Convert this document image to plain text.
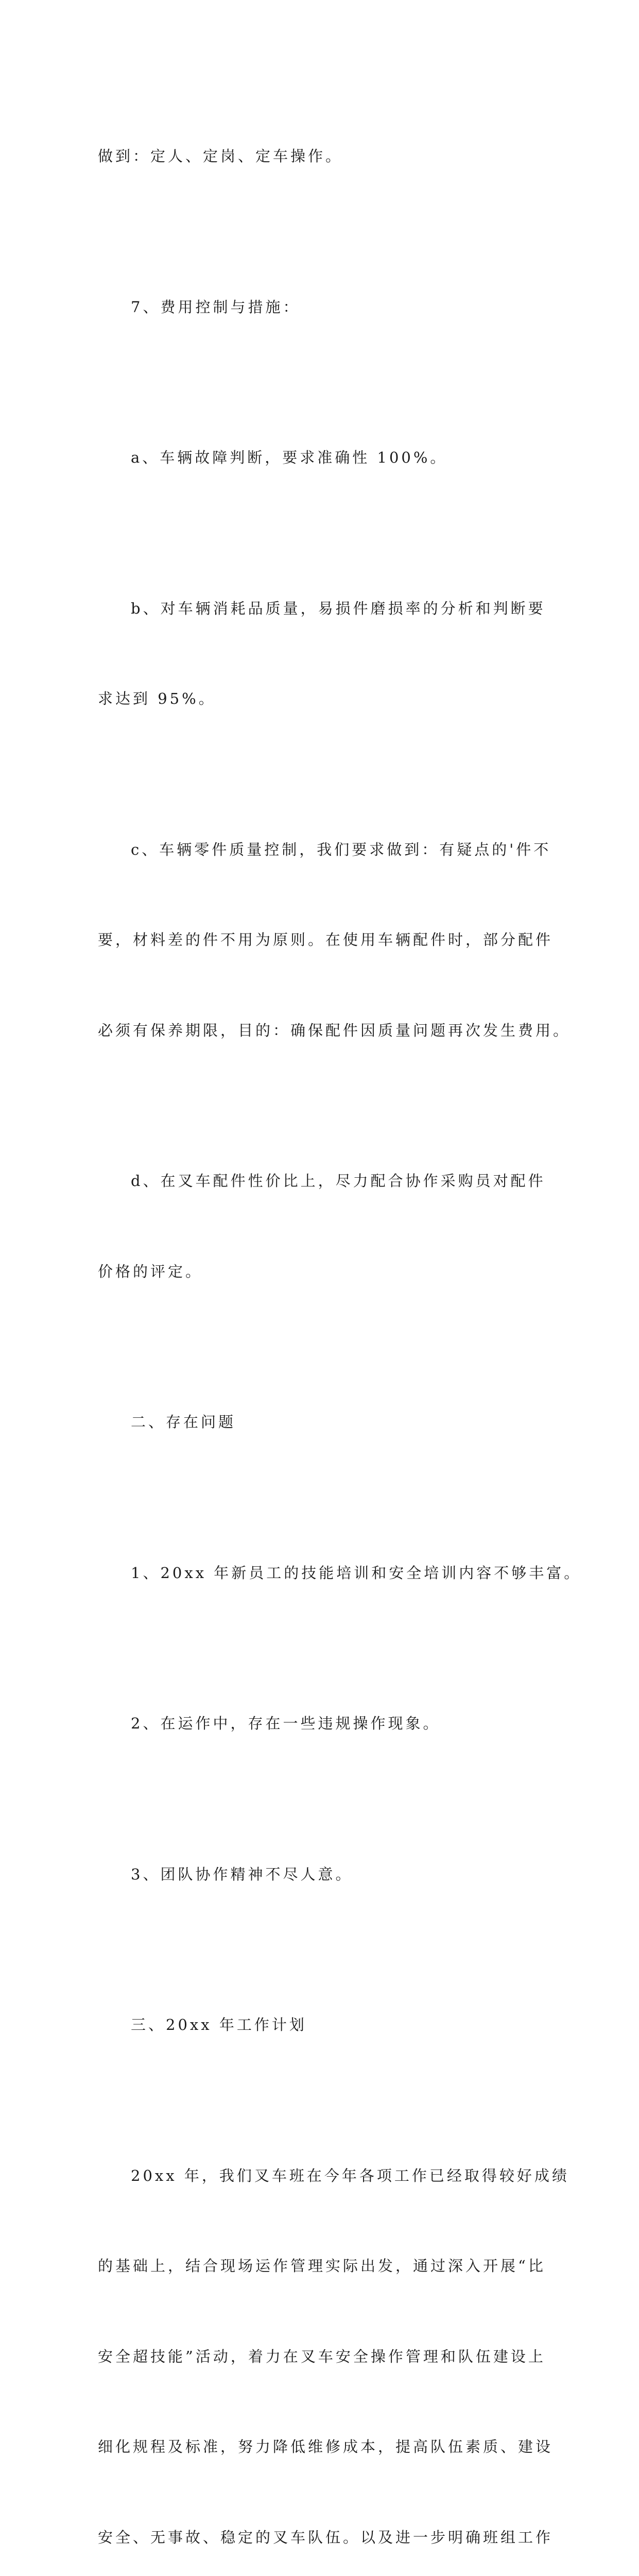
做到：定人、定岗、定车操作。

7、费用控制与措施：

a、车辆故障判断，要求准确性 100%。

b、对车辆消耗品质量，易损件磨损率的分析和判断要

求达到 95%。

c、车辆零件质量控制，我们要求做到：有疑点的'件不

要，材料差的件不用为原则。在使用车辆配件时，部分配件

必须有保养期限，目的：确保配件因质量问题再次发生费用。

d、在叉车配件性价比上，尽力配合协作采购员对配件

价格的评定。

二、存在问题

1、20xx 年新员工的技能培训和安全培训内容不够丰富。

2、在运作中，存在一些违规操作现象。

3、团队协作精神不尽人意。

三、20xx 年工作计划

20xx 年，我们叉车班在今年各项工作已经取得较好成绩

的基础上，结合现场运作管理实际出发，通过深入开展“比

安全超技能”活动，着力在叉车安全操作管理和队伍建设上

细化规程及标准，努力降低维修成本，提高队伍素质、建设

安全、无事故、稳定的叉车队伍。以及进一步明确班组工作
